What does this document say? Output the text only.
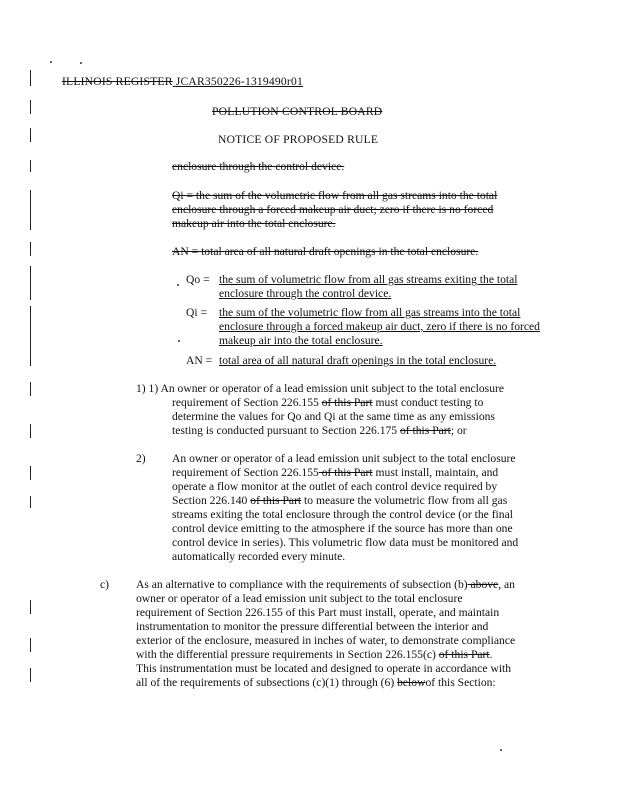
ILLINOIS REGISTER JCAR350226-1319490r01
POLLUTION CONTROL BOARD
NOTICE OF PROPOSED RULE
enclosure through the control device.
Qi = the sum of the volumetric flow from all gas streams into the total
enclosure through a forced makeup air duct; zero if there is no forced
makeup air into the total enclosure.
AN = total area of all natural draft openings in the total enclosure.
Qo = the sum of volumetric flow from all gas streams exiting the total
enclosure through the control device.
Qi = the sum of the volumetric flow from all gas streams into the total
enclosure through a forced makeup air duct, zero if there is no forced
makeup air into the total enclosure.
AN = total area of all natural draft openings in the total enclosure.
1) 1) An owner or operator of a lead emission unit subject to the total enclosure
requirement of Section 226.155 of this Part must conduct testing to
determine the values for Qo and Qi at the same time as any emissions
testing is conducted pursuant to Section 226.175 of this Part; or
2) An owner or operator of a lead emission unit subject to the total enclosure
requirement of Section 226.155 of this Part must install, maintain, and
operate a flow monitor at the outlet of each control device required by
Section 226.140 of this Part to measure the volumetric flow from all gas
streams exiting the total enclosure through the control device (or the final
control device emitting to the atmosphere if the source has more than one
control device in series). This volumetric flow data must be monitored and
automatically recorded every minute.
c) As an alternative to compliance with the requirements of subsection (b) above, an
owner or operator of a lead emission unit subject to the total enclosure
requirement of Section 226.155 of this Part must install, operate, and maintain
instrumentation to monitor the pressure differential between the interior and
exterior of the enclosure, measured in inches of water, to demonstrate compliance
with the differential pressure requirements in Section 226.155(c) of this Part.
This instrumentation must be located and designed to operate in accordance with
all of the requirements of subsections (c)(1) through (6) belowof this Section:
